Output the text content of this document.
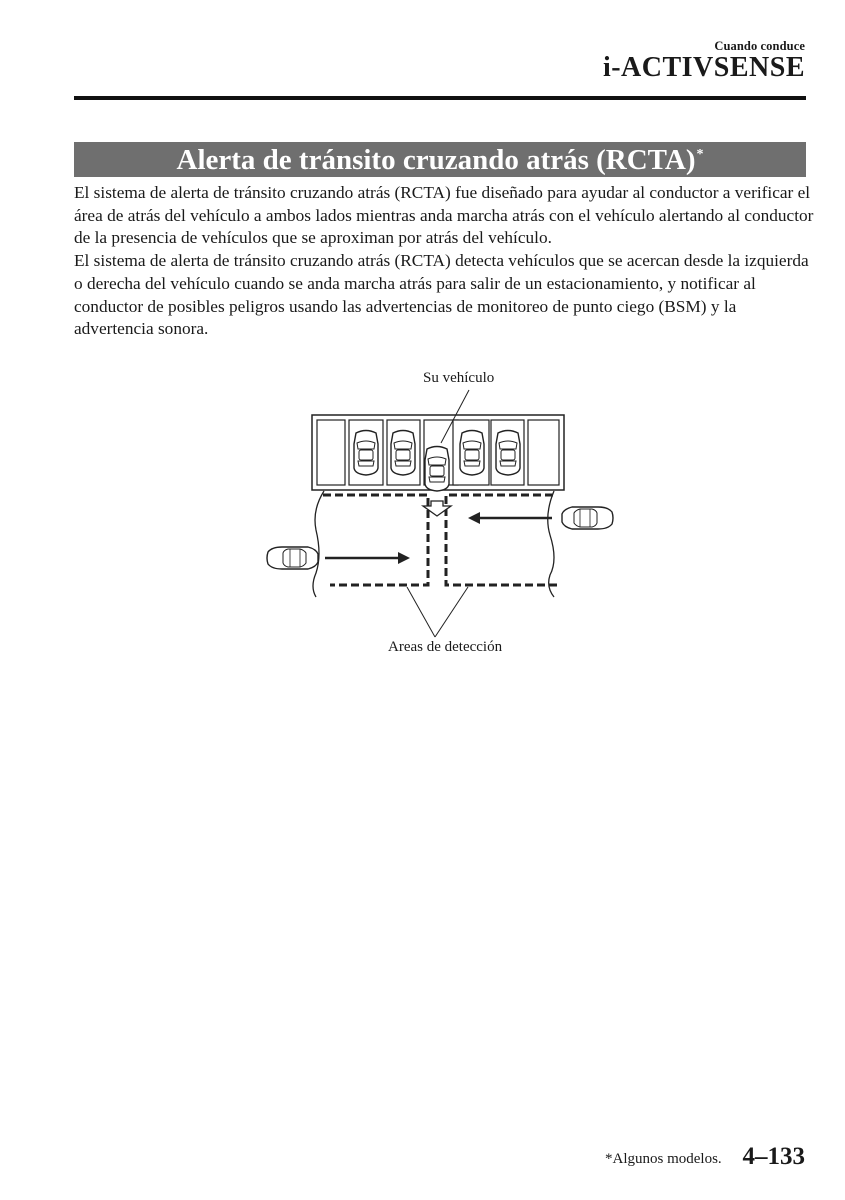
Cuando conduce
i-ACTIVSENSE
Alerta de tránsito cruzando atrás (RCTA)*

El sistema de alerta de tránsito cruzando atrás (RCTA) fue diseñado para ayudar al conductor a verificar el área de atrás del vehículo a ambos lados mientras anda marcha atrás con el vehículo alertando al conductor de la presencia de vehículos que se aproximan por atrás del vehículo.

El sistema de alerta de tránsito cruzando atrás (RCTA) detecta vehículos que se acercan desde la izquierda o derecha del vehículo cuando se anda marcha atrás para salir de un estacionamiento, y notificar al conductor de posibles peligros usando las advertencias de monitoreo de punto ciego (BSM) y la advertencia sonora.

Su vehículo
Areas de detección
*Algunos modelos. 4–133
